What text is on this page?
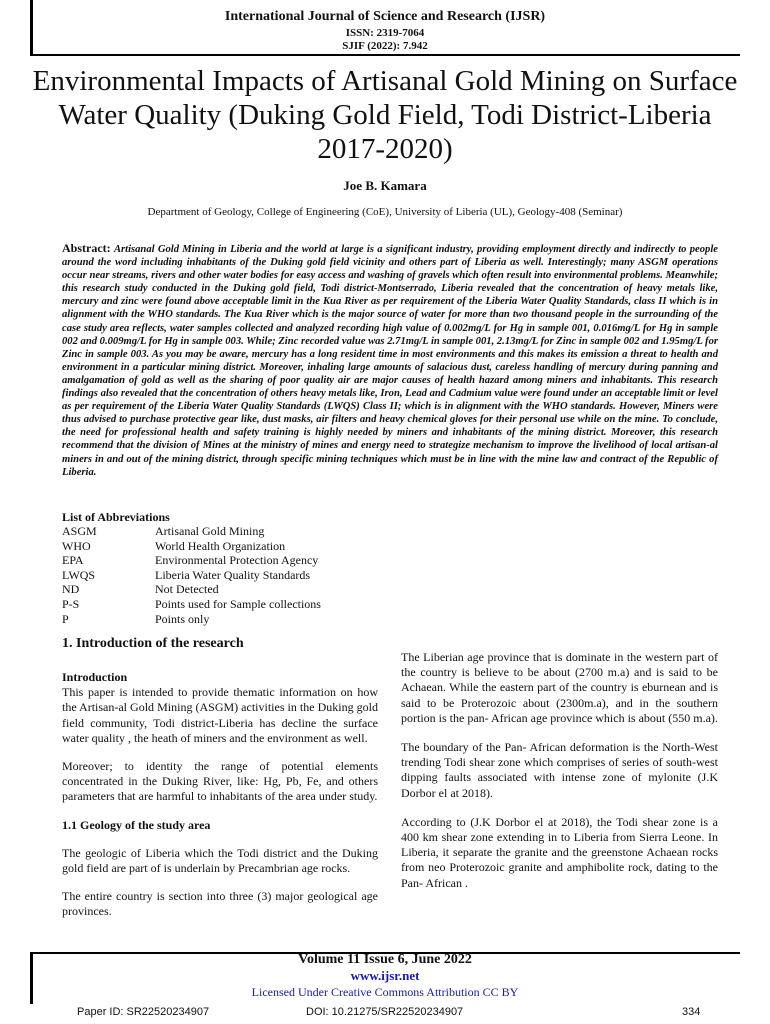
International Journal of Science and Research (IJSR)
ISSN: 2319-7064
SJIF (2022): 7.942
Environmental Impacts of Artisanal Gold Mining on Surface Water Quality (Duking Gold Field, Todi District-Liberia 2017-2020)
Joe B. Kamara
Department of Geology, College of Engineering (CoE), University of Liberia (UL), Geology-408 (Seminar)
Abstract: Artisanal Gold Mining in Liberia and the world at large is a significant industry, providing employment directly and indirectly to people around the word including inhabitants of the Duking gold field vicinity and others part of Liberia as well. Interestingly; many ASGM operations occur near streams, rivers and other water bodies for easy access and washing of gravels which often result into environmental problems. Meanwhile; this research study conducted in the Duking gold field, Todi district-Montserrado, Liberia revealed that the concentration of heavy metals like, mercury and zinc were found above acceptable limit in the Kua River as per requirement of the Liberia Water Quality Standards, class II which is in alignment with the WHO standards. The Kua River which is the major source of water for more than two thousand people in the surrounding of the case study area reflects, water samples collected and analyzed recording high value of 0.002mg/L for Hg in sample 001, 0.016mg/L for Hg in sample 002 and 0.009mg/L for Hg in sample 003. While; Zinc recorded value was 2.71mg/L in sample 001, 2.13mg/L for Zinc in sample 002 and 1.95mg/L for Zinc in sample 003. As you may be aware, mercury has a long resident time in most environments and this makes its emission a threat to health and environment in a particular mining district. Moreover, inhaling large amounts of salacious dust, careless handling of mercury during panning and amalgamation of gold as well as the sharing of poor quality air are major causes of health hazard among miners and inhabitants. This research findings also revealed that the concentration of others heavy metals like, Iron, Lead and Cadmium value were found under an acceptable limit or level as per requirement of the Liberia Water Quality Standards (LWQS) Class II; which is in alignment with the WHO standards. However, Miners were thus advised to purchase protective gear like, dust masks, air filters and heavy chemical gloves for their personal use while on the mine. To conclude, the need for professional health and safety training is highly needed by miners and inhabitants of the mining district. Moreover, this research recommend that the division of Mines at the ministry of mines and energy need to strategize mechanism to improve the livelihood of local artisan-al miners in and out of the mining district, through specific mining techniques which must be in line with the mine law and contract of the Republic of Liberia.
List of Abbreviations
ASGM	Artisanal Gold Mining
WHO	World Health Organization
EPA	Environmental Protection Agency
LWQS	Liberia Water Quality Standards
ND	Not Detected
P-S	Points used for Sample collections
P	Points only
1. Introduction of the research

Introduction

This paper is intended to provide thematic information on how the Artisan-al Gold Mining (ASGM) activities in the Duking gold field community, Todi district-Liberia has decline the surface water quality , the heath of miners and the environment as well.

Moreover; to identity the range of potential elements concentrated in the Duking River, like: Hg, Pb, Fe, and others parameters that are harmful to inhabitants of the area under study.

1.1 Geology of the study area

The geologic of Liberia which the Todi district and the Duking gold field are part of is underlain by Precambrian age rocks.

The entire country is section into three (3) major geological age provinces.

The Liberian age province that is dominate in the western part of the country is believe to be about (2700 m.a) and is said to be Achaean. While the eastern part of the country is eburnean and is said to be Proterozoic about (2300m.a), and in the southern portion is the pan- African age province which is about (550 m.a).

The boundary of the Pan- African deformation is the North-West trending Todi shear zone which comprises of series of south-west dipping faults associated with intense zone of mylonite (J.K Dorbor el at 2018).

According to (J.K Dorbor el at 2018), the Todi shear zone is a 400 km shear zone extending in to Liberia from Sierra Leone. In Liberia, it separate the granite and the greenstone Achaean rocks from neo Proterozoic granite and amphibolite rock, dating to the Pan- African .

Volume 11 Issue 6, June 2022
www.ijsr.net
Licensed Under Creative Commons Attribution CC BY
Paper ID: SR22520234907	DOI: 10.21275/SR22520234907	334
